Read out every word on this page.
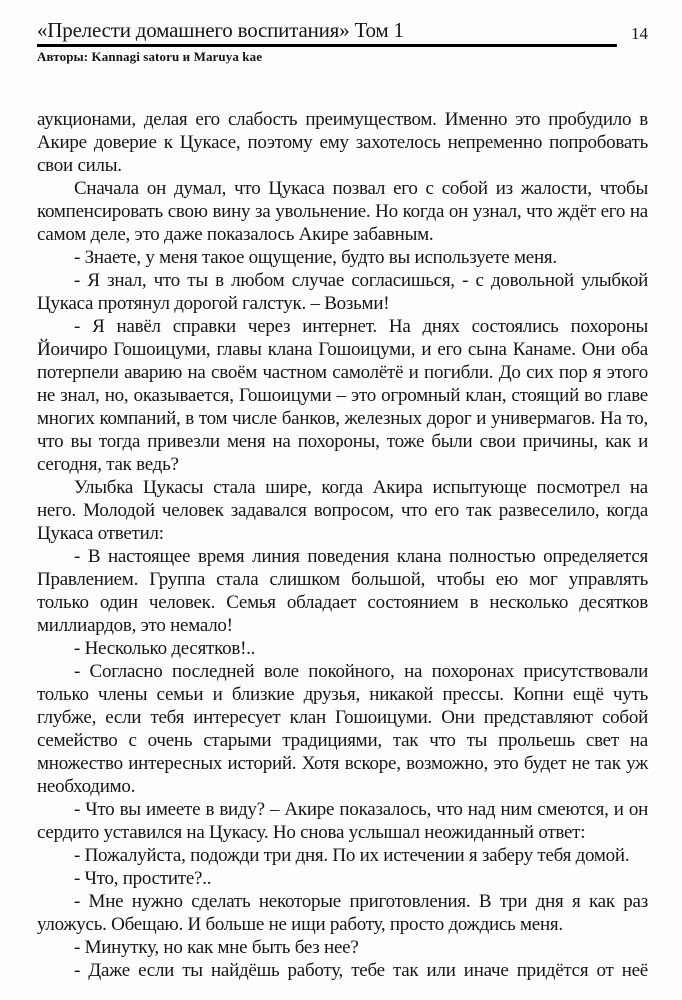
«Прелести домашнего воспитания» Том 1	14
Авторы: Kannagi satoru и Maruya kae

аукционами, делая его слабость преимуществом. Именно это пробудило в Акире доверие к Цукасе, поэтому ему захотелось непременно попробовать свои силы.

Сначала он думал, что Цукаса позвал его с собой из жалости, чтобы компенсировать свою вину за увольнение. Но когда он узнал, что ждёт его на самом деле, это даже показалось Акире забавным.

- Знаете, у меня такое ощущение, будто вы используете меня.

- Я знал, что ты в любом случае согласишься, - с довольной улыбкой Цукаса протянул дорогой галстук. – Возьми!

- Я навёл справки через интернет. На днях состоялись похороны Йоичиро Гошоицуми, главы клана Гошоицуми, и его сына Канаме. Они оба потерпели аварию на своём частном самолётё и погибли. До сих пор я этого не знал, но, оказывается, Гошоицуми – это огромный клан, стоящий во главе многих компаний, в том числе банков, железных дорог и универмагов. На то, что вы тогда привезли меня на похороны, тоже были свои причины, как и сегодня, так ведь?

Улыбка Цукасы стала шире, когда Акира испытующе посмотрел на него. Молодой человек задавался вопросом, что его так развеселило, когда Цукаса ответил:

- В настоящее время линия поведения клана полностью определяется Правлением. Группа стала слишком большой, чтобы ею мог управлять только один человек. Семья обладает состоянием в несколько десятков миллиардов, это немало!

- Несколько десятков!..

- Согласно последней воле покойного, на похоронах присутствовали только члены семьи и близкие друзья, никакой прессы. Копни ещё чуть глубже, если тебя интересует клан Гошоицуми. Они представляют собой семейство с очень старыми традициями, так что ты прольешь свет на множество интересных историй. Хотя вскоре, возможно, это будет не так уж необходимо.

- Что вы имеете в виду? – Акире показалось, что над ним смеются, и он сердито уставился на Цукасу. Но снова услышал неожиданный ответ:

- Пожалуйста, подожди три дня. По их истечении я заберу тебя домой.

- Что, простите?..

- Мне нужно сделать некоторые приготовления. В три дня я как раз уложусь. Обещаю. И больше не ищи работу, просто дождись меня.

- Минутку, но как мне быть без нее?

- Даже если ты найдёшь работу, тебе так или иначе придётся от неё
